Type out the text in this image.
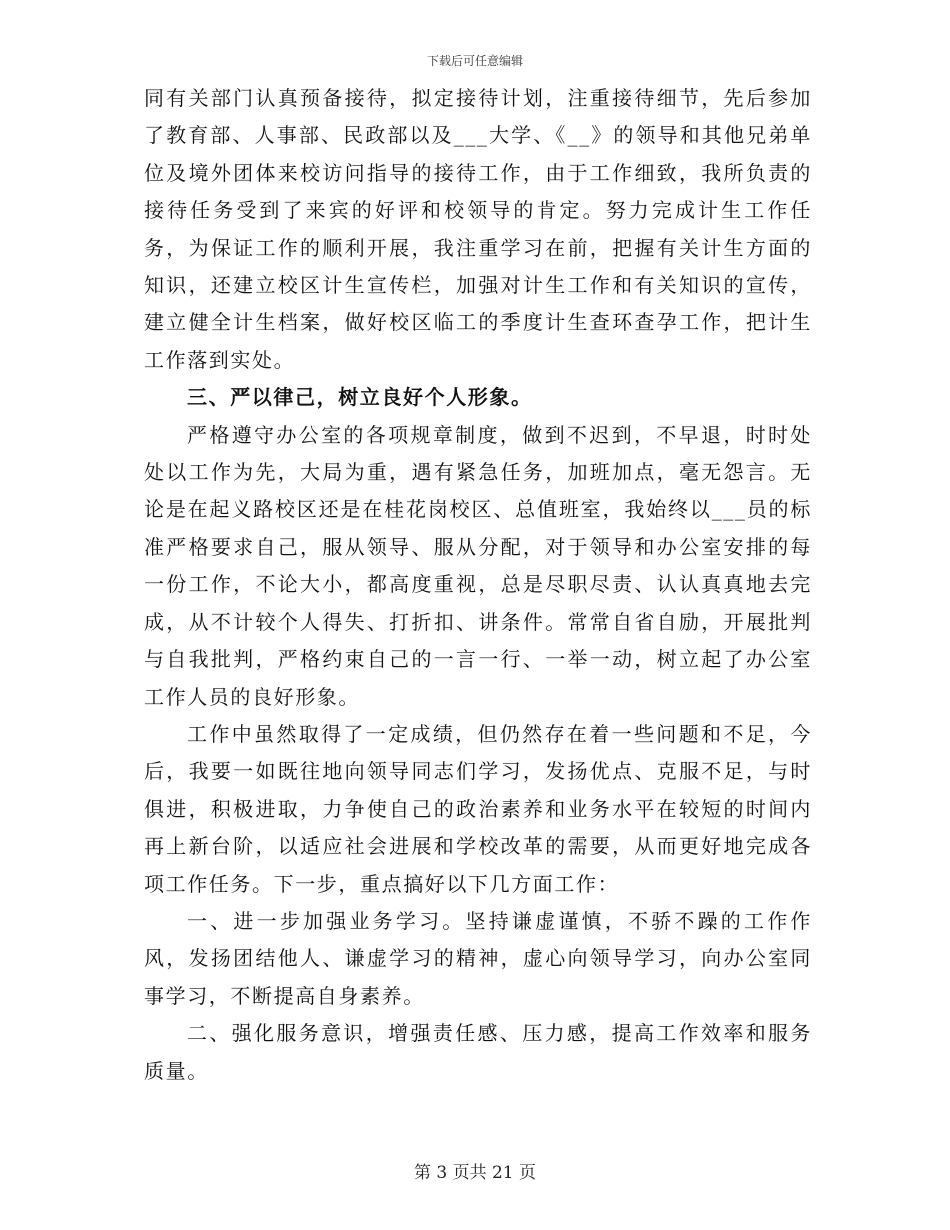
下载后可任意编辑

同有关部门认真预备接待，拟定接待计划，注重接待细节，先后参加了教育部、人事部、民政部以及___大学、《__》的领导和其他兄弟单位及境外团体来校访问指导的接待工作，由于工作细致，我所负责的接待任务受到了来宾的好评和校领导的肯定。努力完成计生工作任务，为保证工作的顺利开展，我注重学习在前，把握有关计生方面的知识，还建立校区计生宣传栏，加强对计生工作和有关知识的宣传，建立健全计生档案，做好校区临工的季度计生查环查孕工作，把计生工作落到实处。

三、严以律己，树立良好个人形象。

严格遵守办公室的各项规章制度，做到不迟到，不早退，时时处处以工作为先，大局为重，遇有紧急任务，加班加点，毫无怨言。无论是在起义路校区还是在桂花岗校区、总值班室，我始终以___员的标准严格要求自己，服从领导、服从分配，对于领导和办公室安排的每一份工作，不论大小，都高度重视，总是尽职尽责、认认真真地去完成，从不计较个人得失、打折扣、讲条件。常常自省自励，开展批判与自我批判，严格约束自己的一言一行、一举一动，树立起了办公室工作人员的良好形象。

工作中虽然取得了一定成绩，但仍然存在着一些问题和不足，今后，我要一如既往地向领导同志们学习，发扬优点、克服不足，与时俱进，积极进取，力争使自己的政治素养和业务水平在较短的时间内再上新台阶，以适应社会进展和学校改革的需要，从而更好地完成各项工作任务。下一步，重点搞好以下几方面工作：

一、进一步加强业务学习。坚持谦虚谨慎，不骄不躁的工作作风，发扬团结他人、谦虚学习的精神，虚心向领导学习，向办公室同事学习，不断提高自身素养。

二、强化服务意识，增强责任感、压力感，提高工作效率和服务质量。

第 3 页共 21 页
